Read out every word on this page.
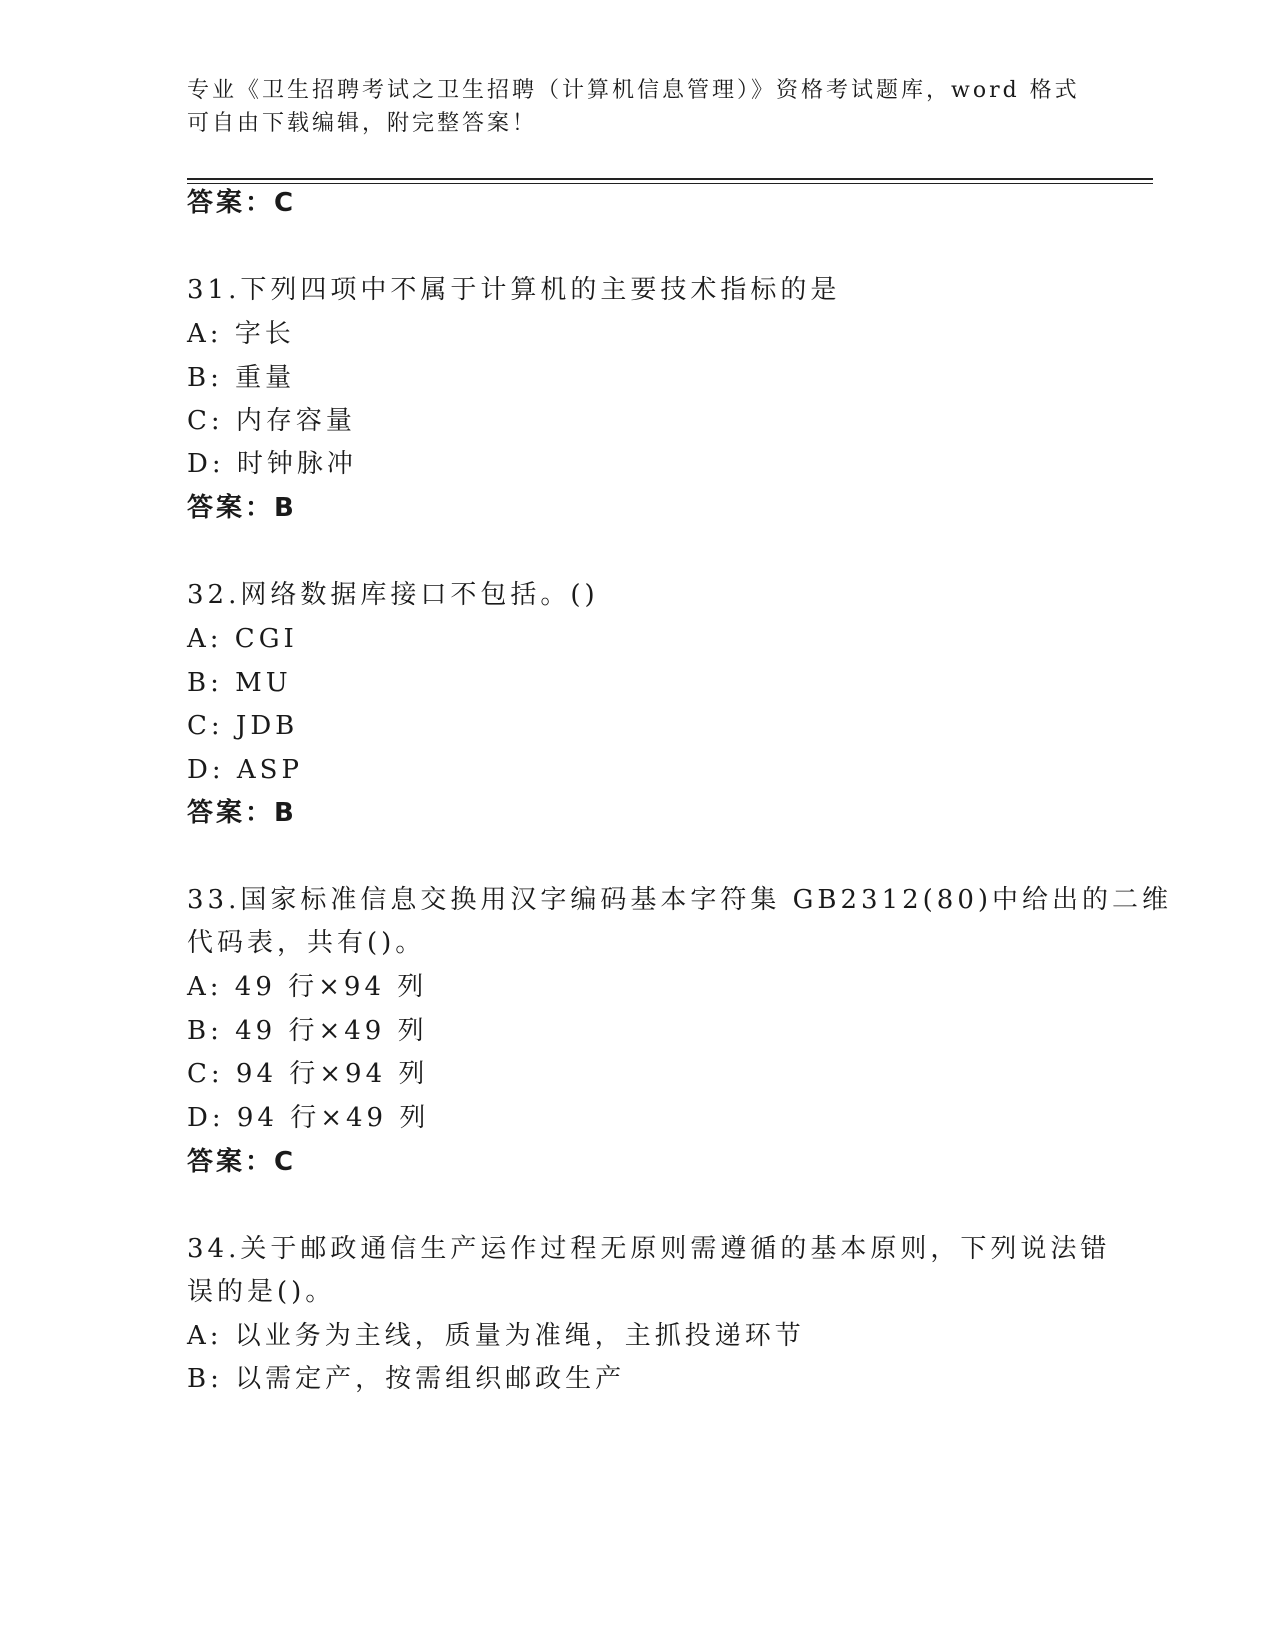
专业《卫生招聘考试之卫生招聘（计算机信息管理）》资格考试题库，word 格式
可自由下载编辑，附完整答案！
答案：C
31.下列四项中不属于计算机的主要技术指标的是
A: 字长
B: 重量
C: 内存容量
D: 时钟脉冲
答案：B
32.网络数据库接口不包括。()
A: CGI
B: MU
C: JDB
D: ASP
答案：B
33.国家标准信息交换用汉字编码基本字符集 GB2312(80)中给出的二维
代码表，共有()。
A: 49 行×94 列
B: 49 行×49 列
C: 94 行×94 列
D: 94 行×49 列
答案：C
34.关于邮政通信生产运作过程无原则需遵循的基本原则，下列说法错
误的是()。
A: 以业务为主线，质量为准绳，主抓投递环节
B: 以需定产，按需组织邮政生产
